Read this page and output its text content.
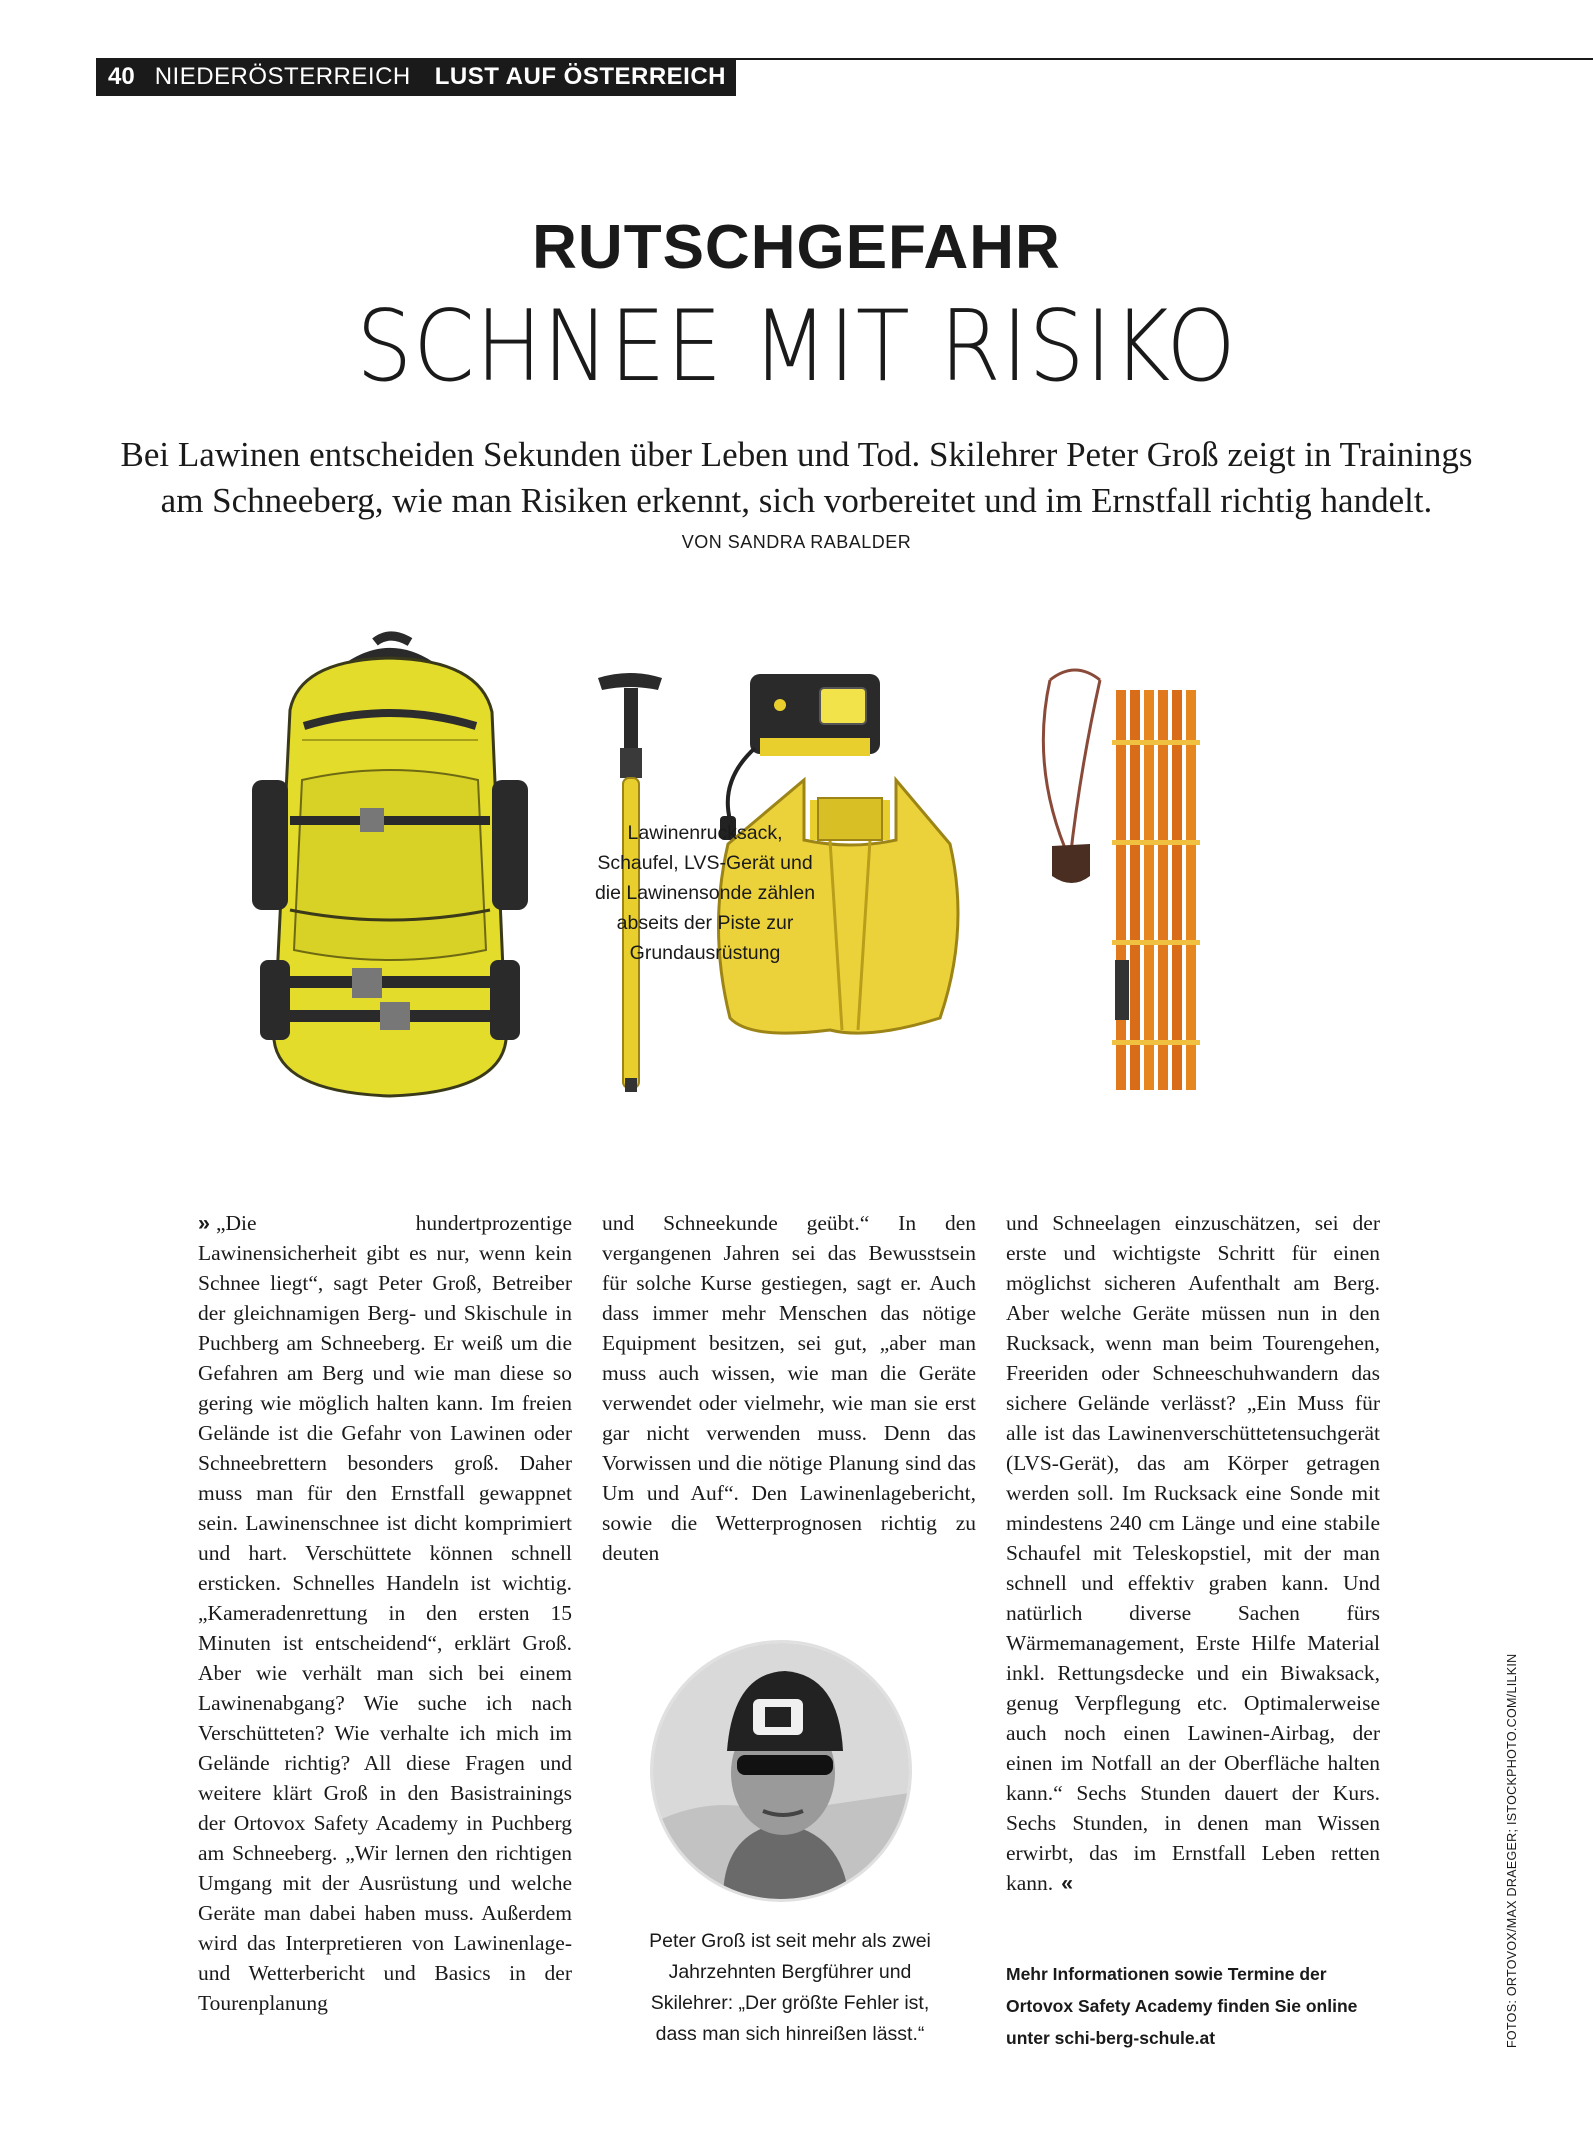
40 NIEDERÖSTERREICH LUST AUF ÖSTERREICH
RUTSCHGEFAHR
SCHNEE MIT RISIKO
Bei Lawinen entscheiden Sekunden über Leben und Tod. Skilehrer Peter Groß zeigt in Trainings
am Schneeberg, wie man Risiken erkennt, sich vorbereitet und im Ernstfall richtig handelt.
VON SANDRA RABALDER
Lawinenrucksack, Schaufel, LVS-Gerät und die Lawinensonde zählen abseits der Piste zur Grundausrüstung
» „Die hundertprozentige Lawinensicherheit gibt es nur, wenn kein Schnee liegt“, sagt Peter Groß, Betreiber der gleichnamigen Berg- und Skischule in Puchberg am Schneeberg. Er weiß um die Gefahren am Berg und wie man diese so gering wie möglich halten kann. Im freien Gelände ist die Gefahr von Lawinen oder Schneebrettern besonders groß. Daher muss man für den Ernstfall gewappnet sein. Lawinenschnee ist dicht komprimiert und hart. Verschüttete können schnell ersticken. Schnelles Handeln ist wichtig. „Kameradenrettung in den ersten 15 Minuten ist entscheidend“, erklärt Groß. Aber wie verhält man sich bei einem Lawinenabgang? Wie suche ich nach Verschütteten? Wie verhalte ich mich im Gelände richtig? All diese Fragen und weitere klärt Groß in den Basistrainings der Ortovox Safety Academy in Puchberg am Schneeberg. „Wir lernen den richtigen Umgang mit der Ausrüstung und welche Geräte man dabei haben muss. Außerdem wird das Interpretieren von Lawinenlage- und Wetterbericht und Basics in der Tourenplanung
und Schneekunde geübt.“ In den vergangenen Jahren sei das Bewusstsein für solche Kurse gestiegen, sagt er. Auch dass immer mehr Menschen das nötige Equipment besitzen, sei gut, „aber man muss auch wissen, wie man die Geräte verwendet oder vielmehr, wie man sie erst gar nicht verwenden muss. Denn das Vorwissen und die nötige Planung sind das Um und Auf“. Den Lawinenlagebericht, sowie die Wetterprognosen richtig zu deuten
und Schneelagen einzuschätzen, sei der erste und wichtigste Schritt für einen möglichst sicheren Aufenthalt am Berg. Aber welche Geräte müssen nun in den Rucksack, wenn man beim Tourengehen, Freeriden oder Schneeschuhwandern das sichere Gelände verlässt? „Ein Muss für alle ist das Lawinenverschüttetensuchgerät (LVS-Gerät), das am Körper getragen werden soll. Im Rucksack eine Sonde mit mindestens 240 cm Länge und eine stabile Schaufel mit Teleskopstiel, mit der man schnell und effektiv graben kann. Und natürlich diverse Sachen fürs Wärmemanagement, Erste Hilfe Material inkl. Rettungsdecke und ein Biwaksack, genug Verpflegung etc. Optimalerweise auch noch einen Lawinen-Airbag, der einen im Notfall an der Oberfläche halten kann.“ Sechs Stunden dauert der Kurs. Sechs Stunden, in denen man Wissen erwirbt, das im Ernstfall Leben retten kann. «
Peter Groß ist seit mehr als zwei
Jahrzehnten Bergführer und
Skilehrer: „Der größte Fehler ist,
dass man sich hinreißen lässt.“
Mehr Informationen sowie Termine der
Ortovox Safety Academy finden Sie online
unter schi-berg-schule.at	FOTOS: ORTOVOX/MAX DRAEGER; ISTOCKPHOTO.COM/LILKIN
